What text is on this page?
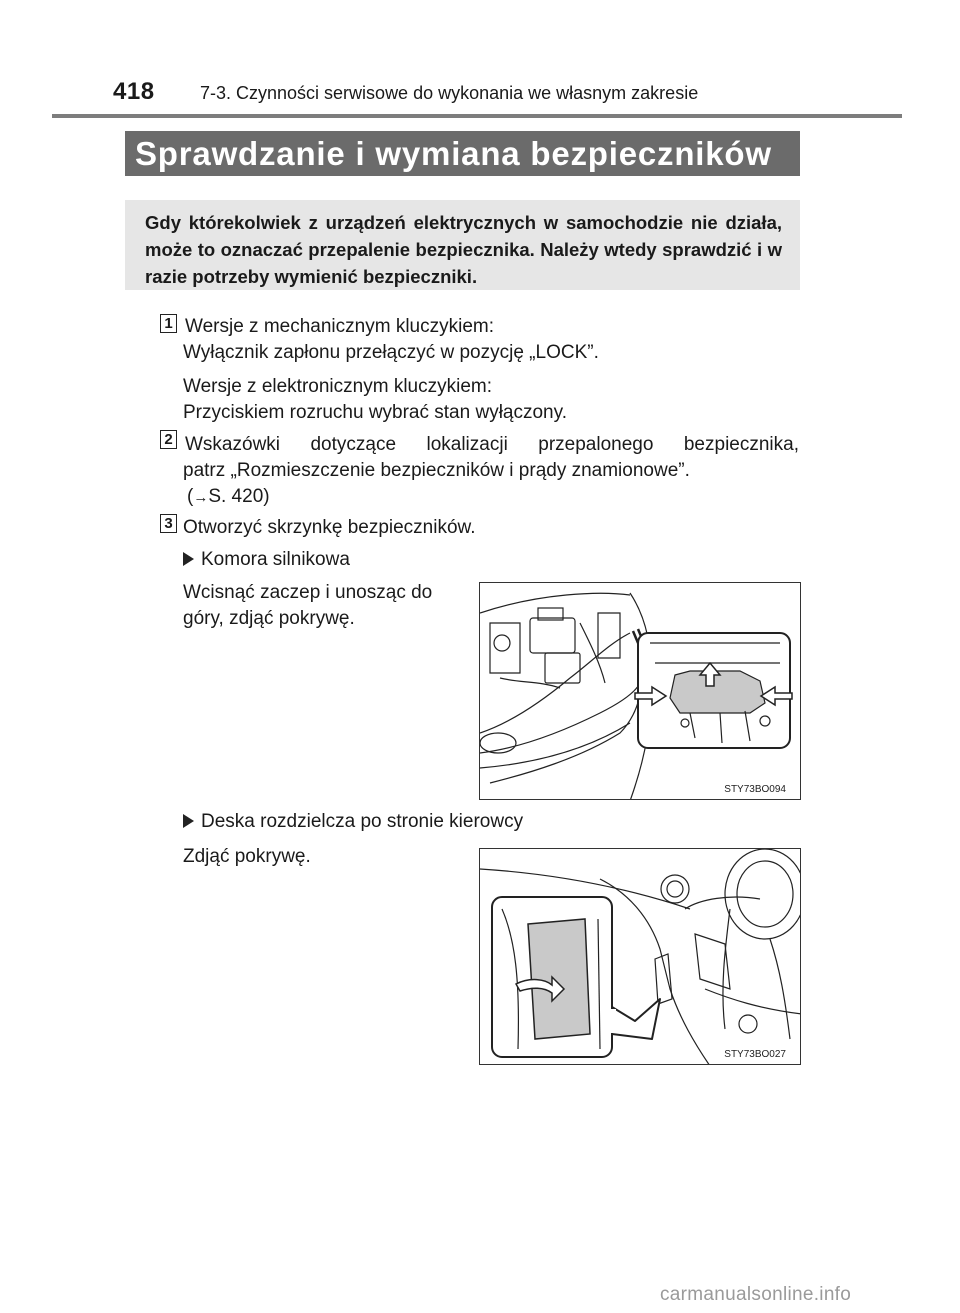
418	7-3. Czynności serwisowe do wykonania we własnym zakresie
Sprawdzanie i wymiana bezpieczników
Gdy którekolwiek z urządzeń elektrycznych w samochodzie nie działa, może to oznaczać przepalenie bezpiecznika. Należy wtedy sprawdzić i w razie potrzeby wymienić bezpieczniki.
1 Wersje z mechanicznym kluczykiem:
Wyłącznik zapłonu przełączyć w pozycję „LOCK”.
Wersje z elektronicznym kluczykiem:
Przyciskiem rozruchu wybrać stan wyłączony.
2 Wskazówki dotyczące lokalizacji przepalonego bezpiecznika,
patrz „Rozmieszczenie bezpieczników i prądy znamionowe”.
(→S. 420)
3 Otworzyć skrzynkę bezpieczników.
Komora silnikowa
Wcisnąć zaczep i unosząc do
góry, zdjąć pokrywę.
STY73BO094
Deska rozdzielcza po stronie kierowcy
Zdjąć pokrywę.
STY73BO027
carmanualsonline.info
